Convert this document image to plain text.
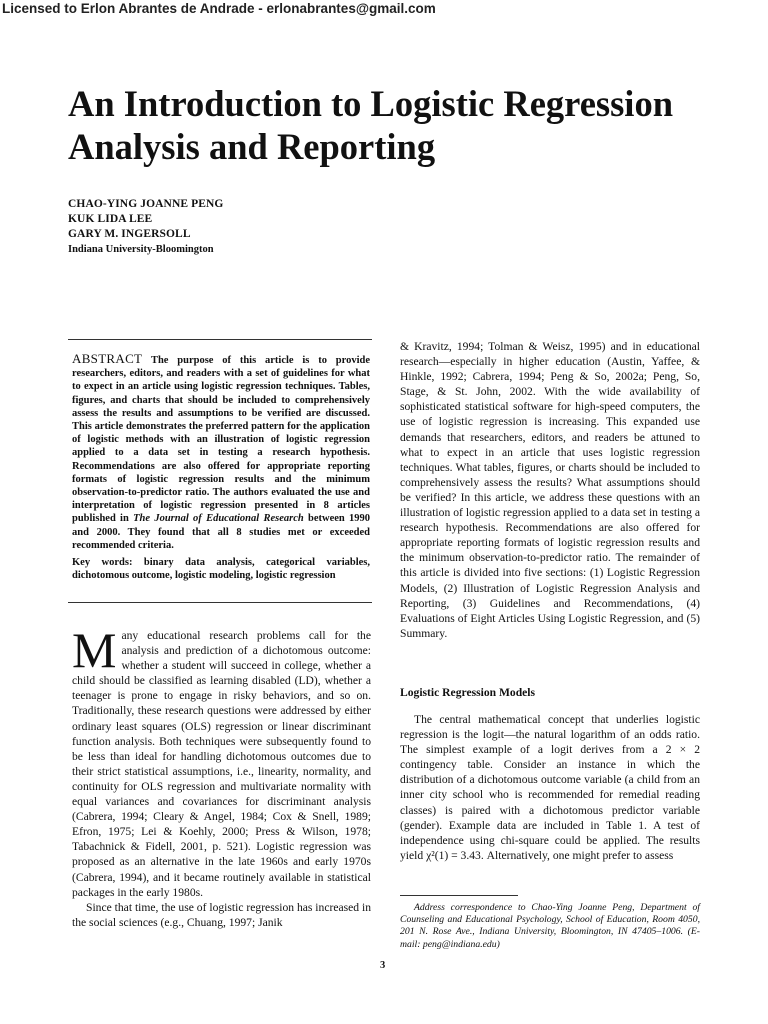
Licensed to Erlon Abrantes de Andrade - erlonabrantes@gmail.com
An Introduction to Logistic Regression
Analysis and Reporting
CHAO-YING JOANNE PENG
KUK LIDA LEE
GARY M. INGERSOLL
Indiana University-Bloomington
ABSTRACT The purpose of this article is to provide researchers, editors, and readers with a set of guidelines for what to expect in an article using logistic regression techniques. Tables, figures, and charts that should be included to comprehensively assess the results and assumptions to be verified are discussed. This article demonstrates the preferred pattern for the application of logistic methods with an illustration of logistic regression applied to a data set in testing a research hypothesis. Recommendations are also offered for appropriate reporting formats of logistic regression results and the minimum observation-to-predictor ratio. The authors evaluated the use and interpretation of logistic regression presented in 8 articles published in The Journal of Educational Research between 1990 and 2000. They found that all 8 studies met or exceeded recommended criteria.
Key words: binary data analysis, categorical variables, dichotomous outcome, logistic modeling, logistic regression

Many educational research problems call for the analysis and prediction of a dichotomous outcome: whether a student will succeed in college, whether a child should be classified as learning disabled (LD), whether a teenager is prone to engage in risky behaviors, and so on. Traditionally, these research questions were addressed by either ordinary least squares (OLS) regression or linear discriminant function analysis. Both techniques were subsequently found to be less than ideal for handling dichotomous outcomes due to their strict statistical assumptions, i.e., linearity, normality, and continuity for OLS regression and multivariate normality with equal variances and covariances for discriminant analysis (Cabrera, 1994; Cleary & Angel, 1984; Cox & Snell, 1989; Efron, 1975; Lei & Koehly, 2000; Press & Wilson, 1978; Tabachnick & Fidell, 2001, p. 521). Logistic regression was proposed as an alternative in the late 1960s and early 1970s (Cabrera, 1994), and it became routinely available in statistical packages in the early 1980s.

Since that time, the use of logistic regression has increased in the social sciences (e.g., Chuang, 1997; Janik

& Kravitz, 1994; Tolman & Weisz, 1995) and in educational research—especially in higher education (Austin, Yaffee, & Hinkle, 1992; Cabrera, 1994; Peng & So, 2002a; Peng, So, Stage, & St. John, 2002. With the wide availability of sophisticated statistical software for high-speed computers, the use of logistic regression is increasing. This expanded use demands that researchers, editors, and readers be attuned to what to expect in an article that uses logistic regression techniques. What tables, figures, or charts should be included to comprehensively assess the results? What assumptions should be verified? In this article, we address these questions with an illustration of logistic regression applied to a data set in testing a research hypothesis. Recommendations are also offered for appropriate reporting formats of logistic regression results and the minimum observation-to-predictor ratio. The remainder of this article is divided into five sections: (1) Logistic Regression Models, (2) Illustration of Logistic Regression Analysis and Reporting, (3) Guidelines and Recommendations, (4) Evaluations of Eight Articles Using Logistic Regression, and (5) Summary.

Logistic Regression Models

The central mathematical concept that underlies logistic regression is the logit—the natural logarithm of an odds ratio. The simplest example of a logit derives from a 2 × 2 contingency table. Consider an instance in which the distribution of a dichotomous outcome variable (a child from an inner city school who is recommended for remedial reading classes) is paired with a dichotomous predictor variable (gender). Example data are included in Table 1. A test of independence using chi-square could be applied. The results yield χ²(1) = 3.43. Alternatively, one might prefer to assess

Address correspondence to Chao-Ying Joanne Peng, Department of Counseling and Educational Psychology, School of Education, Room 4050, 201 N. Rose Ave., Indiana University, Bloomington, IN 47405–1006. (E-mail: peng@indiana.edu)
3
